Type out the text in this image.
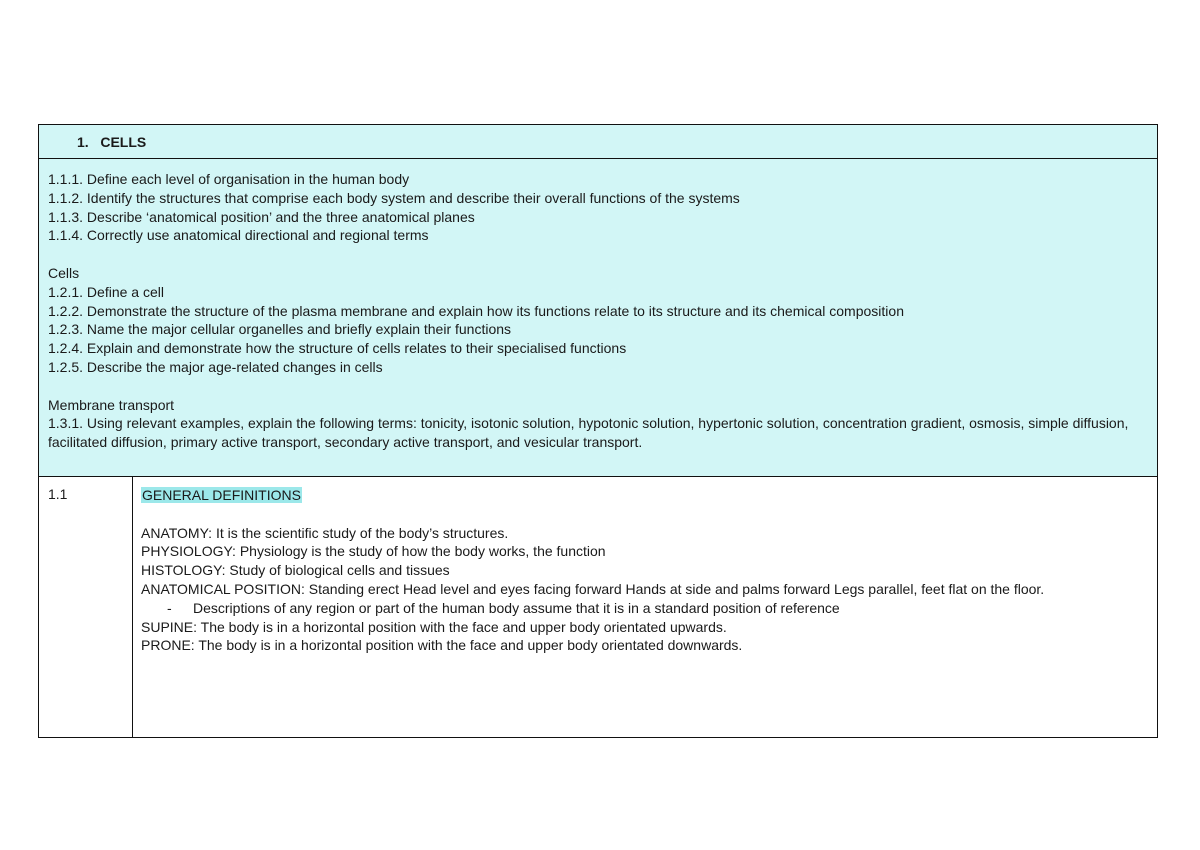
1.   CELLS
1.1.1. Define each level of organisation in the human body
1.1.2. Identify the structures that comprise each body system and describe their overall functions of the systems
1.1.3. Describe ‘anatomical position’ and the three anatomical planes
1.1.4. Correctly use anatomical directional and regional terms
Cells
1.2.1. Define a cell
1.2.2. Demonstrate the structure of the plasma membrane and explain how its functions relate to its structure and its chemical composition
1.2.3. Name the major cellular organelles and briefly explain their functions
1.2.4. Explain and demonstrate how the structure of cells relates to their specialised functions
1.2.5. Describe the major age-related changes in cells
Membrane transport
1.3.1. Using relevant examples, explain the following terms: tonicity, isotonic solution, hypotonic solution, hypertonic solution, concentration gradient, osmosis, simple diffusion, facilitated diffusion, primary active transport, secondary active transport, and vesicular transport.
1.1	GENERAL DEFINITIONS
ANATOMY: It is the scientific study of the body’s structures.
PHYSIOLOGY: Physiology is the study of how the body works, the function
HISTOLOGY: Study of biological cells and tissues
ANATOMICAL POSITION: Standing erect Head level and eyes facing forward Hands at side and palms forward Legs parallel, feet flat on the floor.
-	Descriptions of any region or part of the human body assume that it is in a standard position of reference
SUPINE: The body is in a horizontal position with the face and upper body orientated upwards.
PRONE: The body is in a horizontal position with the face and upper body orientated downwards.
